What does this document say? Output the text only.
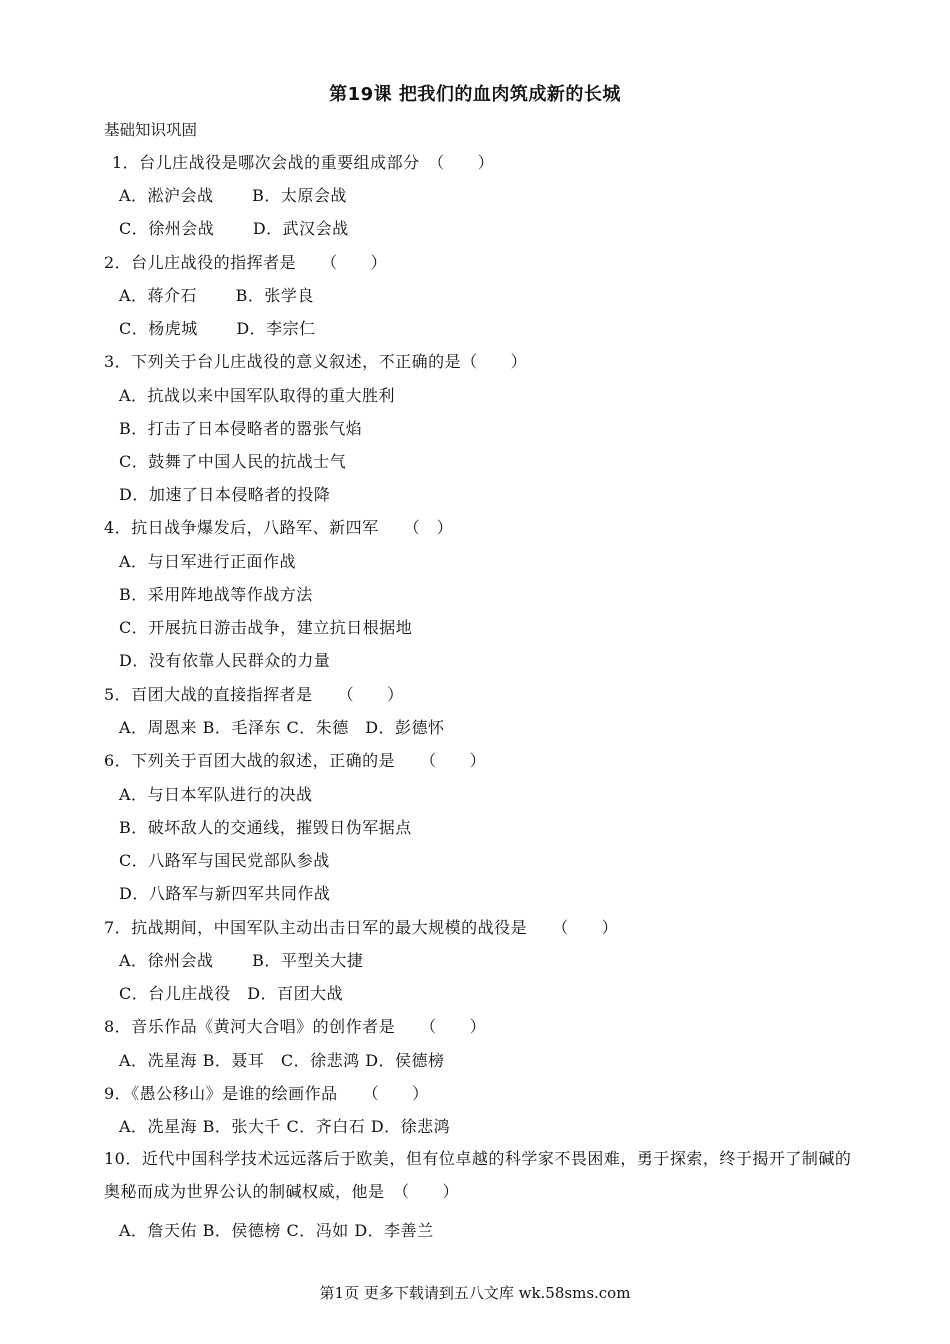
第19课 把我们的血肉筑成新的长城
基础知识巩固
1．台儿庄战役是哪次会战的重要组成部分　（　　）
A．淞沪会战　　 B．太原会战
C．徐州会战　　 D．武汉会战
2．台儿庄战役的指挥者是　　（　　）
A．蒋介石　　 B．张学良
C．杨虎城　　 D．李宗仁
3．下列关于台儿庄战役的意义叙述，不正确的是（　　）
A．抗战以来中国军队取得的重大胜利
B．打击了日本侵略者的嚣张气焰
C．鼓舞了中国人民的抗战士气
D．加速了日本侵略者的投降
4．抗日战争爆发后，八路军、新四军　　（　）
A．与日军进行正面作战
B．采用阵地战等作战方法
C．开展抗日游击战争，建立抗日根据地
D．没有依靠人民群众的力量
5．百团大战的直接指挥者是　　（　　）
A．周恩来 B．毛泽东 C．朱德　D．彭德怀
6．下列关于百团大战的叙述，正确的是　　（　　）
A．与日本军队进行的决战
B．破坏敌人的交通线，摧毁日伪军据点
C．八路军与国民党部队参战
D．八路军与新四军共同作战
7．抗战期间，中国军队主动出击日军的最大规模的战役是　　（　　）
A．徐州会战　　 B．平型关大捷
C．台儿庄战役　D．百团大战
8．音乐作品《黄河大合唱》的创作者是　　（　　）
A．冼星海 B．聂耳　C．徐悲鸿 D．侯德榜
9．《愚公移山》是谁的绘画作品　　（　　）
A．冼星海 B．张大千 C．齐白石 D．徐悲鸿
10．近代中国科学技术远远落后于欧美，但有位卓越的科学家不畏困难，勇于探索，终于揭开了制碱的奥秘而成为世界公认的制碱权威，他是　（　　）
A．詹天佑 B．侯德榜 C．冯如 D．李善兰
第1页 更多下载请到五八文库 wk.58sms.com
